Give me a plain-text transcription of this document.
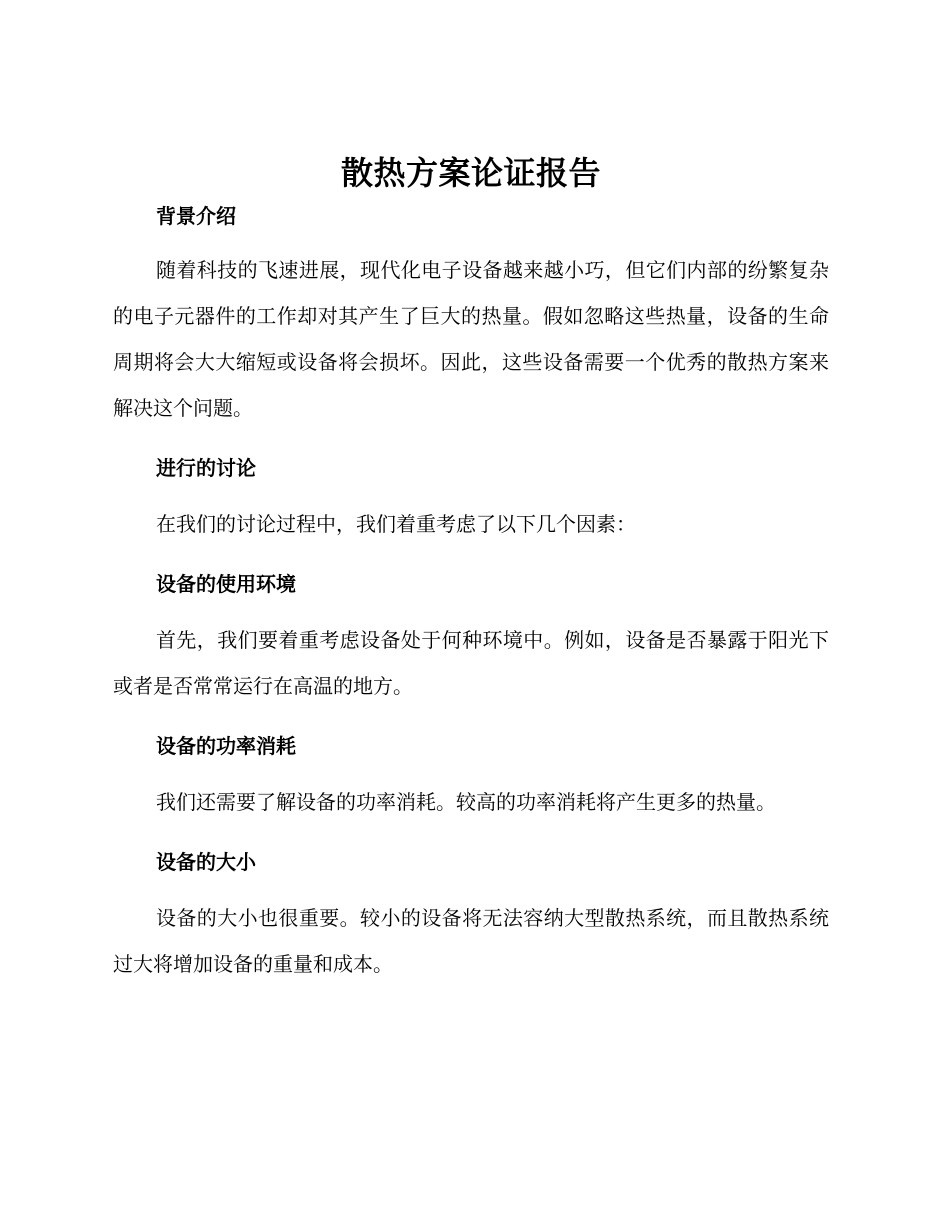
散热方案论证报告
背景介绍

随着科技的飞速进展，现代化电子设备越来越小巧，但它们内部的纷繁复杂的电子元器件的工作却对其产生了巨大的热量。假如忽略这些热量，设备的生命周期将会大大缩短或设备将会损坏。因此，这些设备需要一个优秀的散热方案来解决这个问题。

进行的讨论

在我们的讨论过程中，我们着重考虑了以下几个因素：

设备的使用环境

首先，我们要着重考虑设备处于何种环境中。例如，设备是否暴露于阳光下或者是否常常运行在高温的地方。

设备的功率消耗

我们还需要了解设备的功率消耗。较高的功率消耗将产生更多的热量。

设备的大小

设备的大小也很重要。较小的设备将无法容纳大型散热系统，而且散热系统过大将增加设备的重量和成本。
